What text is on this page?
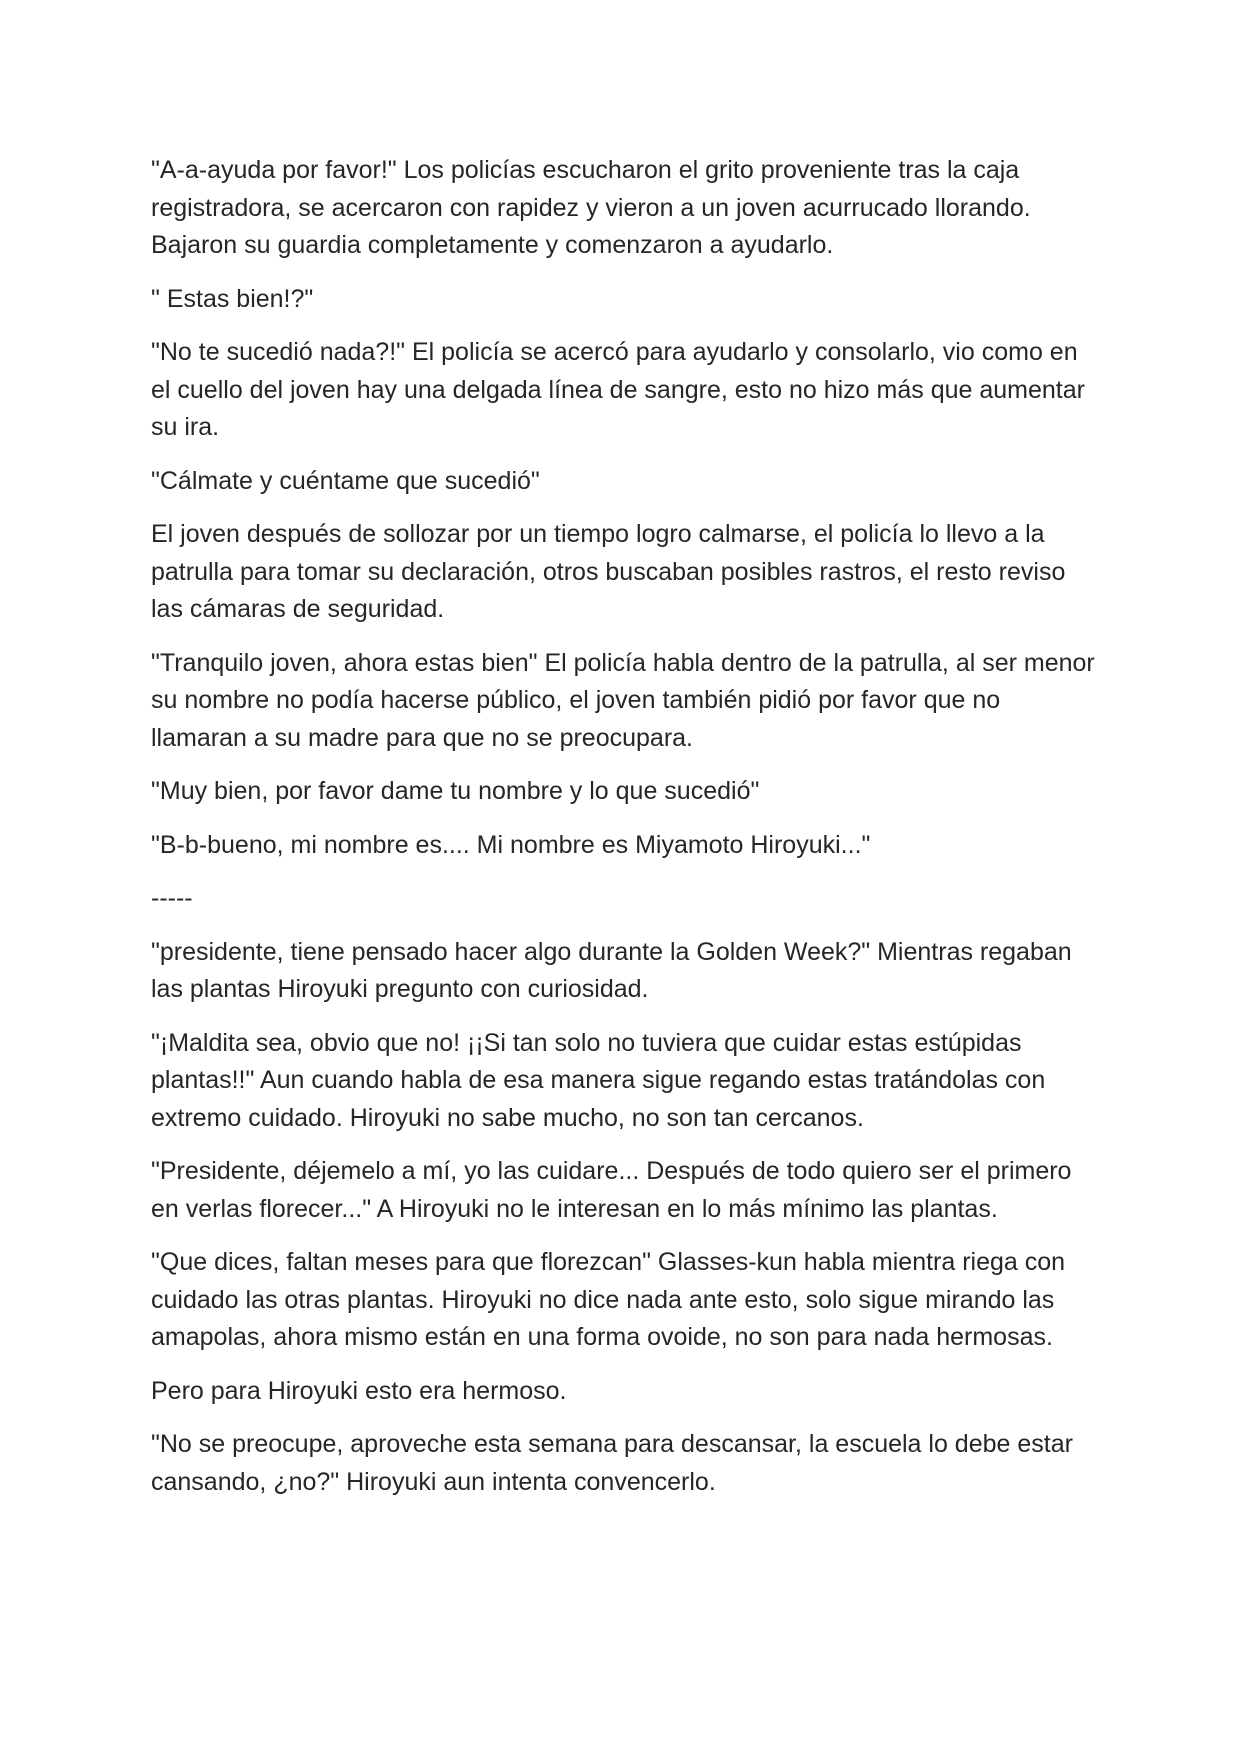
"A-a-ayuda por favor!" Los policías escucharon el grito proveniente tras la caja registradora, se acercaron con rapidez y vieron a un joven acurrucado llorando. Bajaron su guardia completamente y comenzaron a ayudarlo.

" Estas bien!?"

"No te sucedió nada?!" El policía se acercó para ayudarlo y consolarlo, vio como en el cuello del joven hay una delgada línea de sangre, esto no hizo más que aumentar su ira.

"Cálmate y cuéntame que sucedió"

El joven después de sollozar por un tiempo logro calmarse, el policía lo llevo a la patrulla para tomar su declaración, otros buscaban posibles rastros, el resto reviso las cámaras de seguridad.

"Tranquilo joven, ahora estas bien" El policía habla dentro de la patrulla, al ser menor su nombre no podía hacerse público, el joven también pidió por favor que no llamaran a su madre para que no se preocupara.

"Muy bien, por favor dame tu nombre y lo que sucedió"

"B-b-bueno, mi nombre es.... Mi nombre es Miyamoto Hiroyuki..."

-----

"presidente, tiene pensado hacer algo durante la Golden Week?" Mientras regaban las plantas Hiroyuki pregunto con curiosidad.

"¡Maldita sea, obvio que no! ¡¡Si tan solo no tuviera que cuidar estas estúpidas plantas!!" Aun cuando habla de esa manera sigue regando estas tratándolas con extremo cuidado. Hiroyuki no sabe mucho, no son tan cercanos.

"Presidente, déjemelo a mí, yo las cuidare... Después de todo quiero ser el primero en verlas florecer..." A Hiroyuki no le interesan en lo más mínimo las plantas.

"Que dices, faltan meses para que florezcan" Glasses-kun habla mientra riega con cuidado las otras plantas. Hiroyuki no dice nada ante esto, solo sigue mirando las amapolas, ahora mismo están en una forma ovoide, no son para nada hermosas.

Pero para Hiroyuki esto era hermoso.

"No se preocupe, aproveche esta semana para descansar, la escuela lo debe estar cansando, ¿no?" Hiroyuki aun intenta convencerlo.
